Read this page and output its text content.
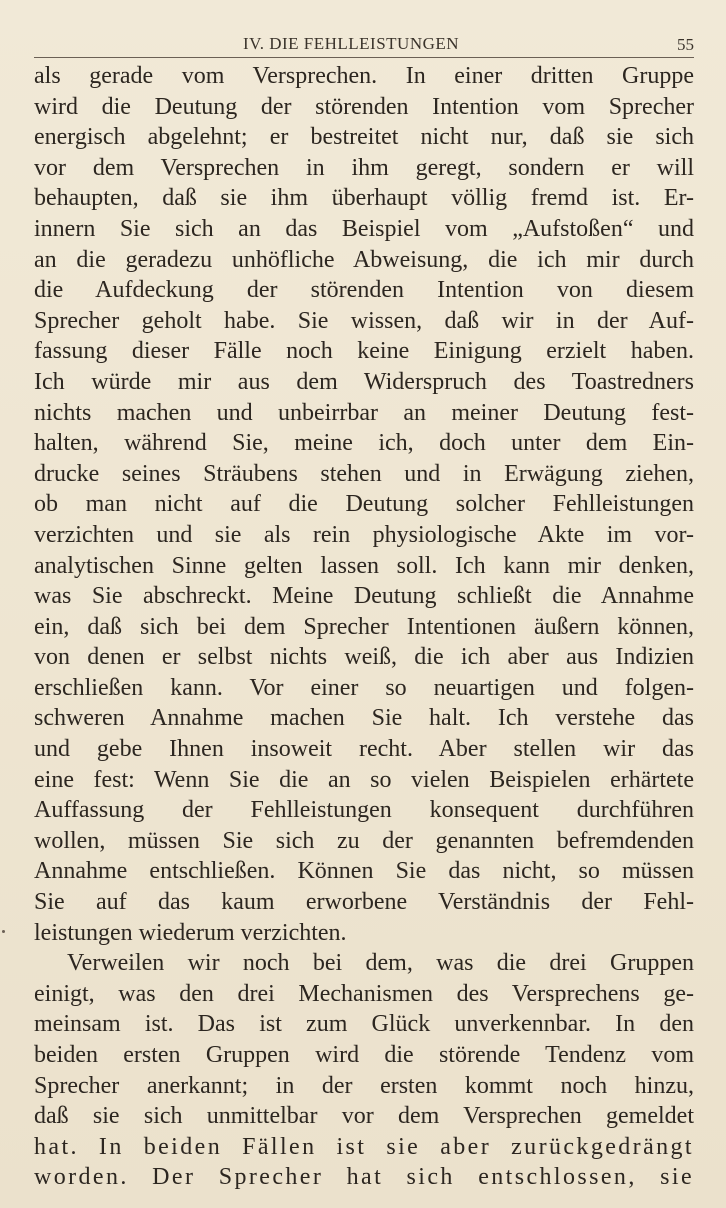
IV. DIE FEHLLEISTUNGEN	55
als gerade vom Versprechen. In einer dritten Gruppe
wird die Deutung der störenden Intention vom Sprecher
energisch abgelehnt; er bestreitet nicht nur, daß sie sich
vor dem Versprechen in ihm geregt, sondern er will
behaupten, daß sie ihm überhaupt völlig fremd ist. Er-
innern Sie sich an das Beispiel vom „Aufstoßen“ und
an die geradezu unhöfliche Abweisung, die ich mir durch
die Aufdeckung der störenden Intention von diesem
Sprecher geholt habe. Sie wissen, daß wir in der Auf-
fassung dieser Fälle noch keine Einigung erzielt haben.
Ich würde mir aus dem Widerspruch des Toastredners
nichts machen und unbeirrbar an meiner Deutung fest-
halten, während Sie, meine ich, doch unter dem Ein-
drucke seines Sträubens stehen und in Erwägung ziehen,
ob man nicht auf die Deutung solcher Fehlleistungen
verzichten und sie als rein physiologische Akte im vor-
analytischen Sinne gelten lassen soll. Ich kann mir denken,
was Sie abschreckt. Meine Deutung schließt die Annahme
ein, daß sich bei dem Sprecher Intentionen äußern können,
von denen er selbst nichts weiß, die ich aber aus Indizien
erschließen kann. Vor einer so neuartigen und folgen-
schweren Annahme machen Sie halt. Ich verstehe das
und gebe Ihnen insoweit recht. Aber stellen wir das
eine fest: Wenn Sie die an so vielen Beispielen erhärtete
Auffassung der Fehlleistungen konsequent durchführen
wollen, müssen Sie sich zu der genannten befremdenden
Annahme entschließen. Können Sie das nicht, so müssen
Sie auf das kaum erworbene Verständnis der Fehl-
leistungen wiederum verzichten.
Verweilen wir noch bei dem, was die drei Gruppen
einigt, was den drei Mechanismen des Versprechens ge-
meinsam ist. Das ist zum Glück unverkennbar. In den
beiden ersten Gruppen wird die störende Tendenz vom
Sprecher anerkannt; in der ersten kommt noch hinzu,
daß sie sich unmittelbar vor dem Versprechen gemeldet
hat. In beiden Fällen ist sie aber zurückgedrängt
worden. Der Sprecher hat sich entschlossen, sie
